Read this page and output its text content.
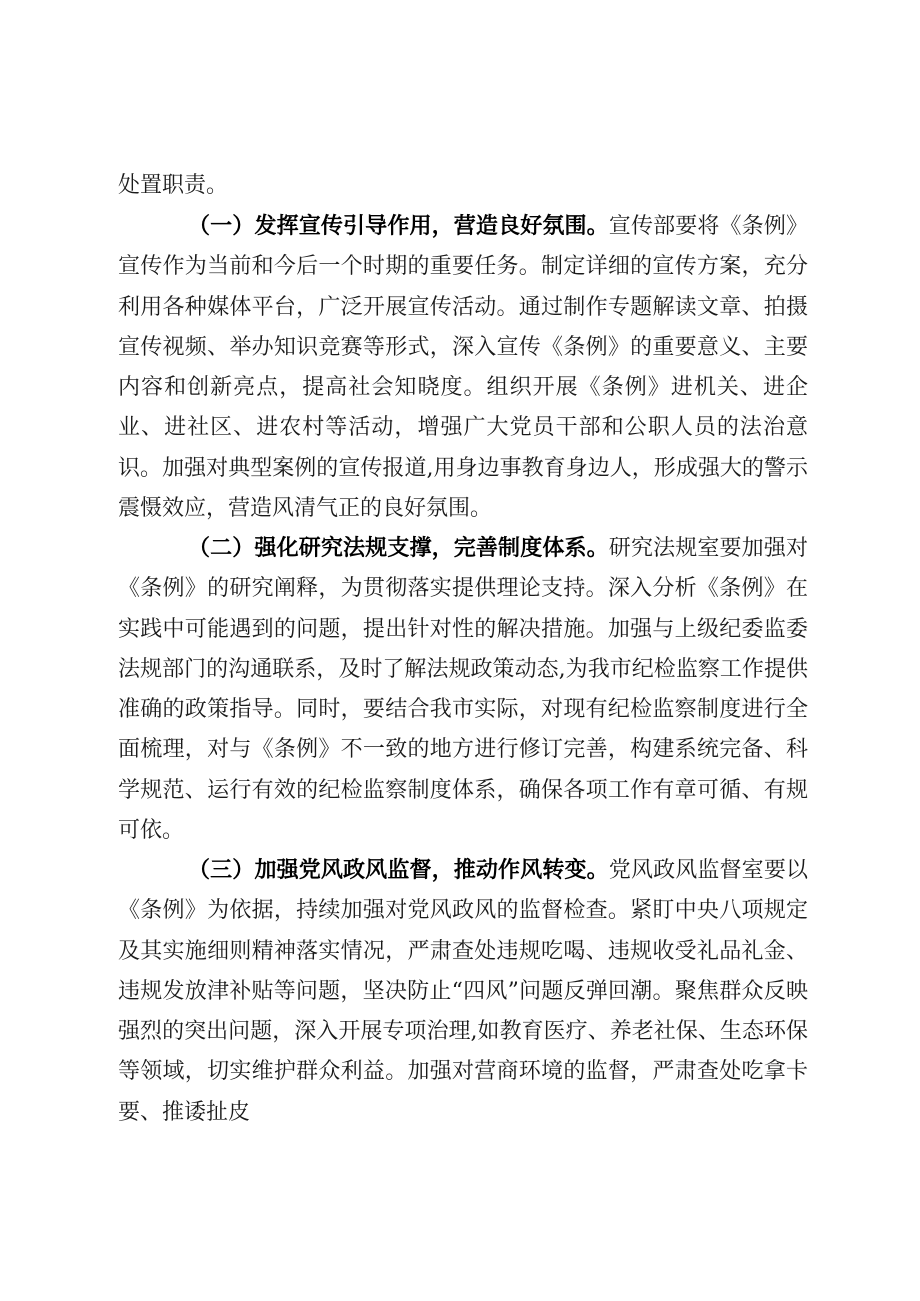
处置职责。

（一）发挥宣传引导作用，营造良好氛围。宣传部要将《条例》宣传作为当前和今后一个时期的重要任务。制定详细的宣传方案，充分利用各种媒体平台，广泛开展宣传活动。通过制作专题解读文章、拍摄宣传视频、举办知识竞赛等形式，深入宣传《条例》的重要意义、主要内容和创新亮点，提高社会知晓度。组织开展《条例》进机关、进企业、进社区、进农村等活动，增强广大党员干部和公职人员的法治意识。加强对典型案例的宣传报道,用身边事教育身边人，形成强大的警示震慑效应，营造风清气正的良好氛围。

（二）强化研究法规支撑，完善制度体系。研究法规室要加强对《条例》的研究阐释，为贯彻落实提供理论支持。深入分析《条例》在实践中可能遇到的问题，提出针对性的解决措施。加强与上级纪委监委法规部门的沟通联系，及时了解法规政策动态,为我市纪检监察工作提供准确的政策指导。同时，要结合我市实际，对现有纪检监察制度进行全面梳理，对与《条例》不一致的地方进行修订完善，构建系统完备、科学规范、运行有效的纪检监察制度体系，确保各项工作有章可循、有规可依。

（三）加强党风政风监督，推动作风转变。党风政风监督室要以《条例》为依据，持续加强对党风政风的监督检查。紧盯中央八项规定及其实施细则精神落实情况，严肃查处违规吃喝、违规收受礼品礼金、违规发放津补贴等问题，坚决防止“四风”问题反弹回潮。聚焦群众反映强烈的突出问题，深入开展专项治理,如教育医疗、养老社保、生态环保等领域，切实维护群众利益。加强对营商环境的监督，严肃查处吃拿卡要、推诿扯皮
